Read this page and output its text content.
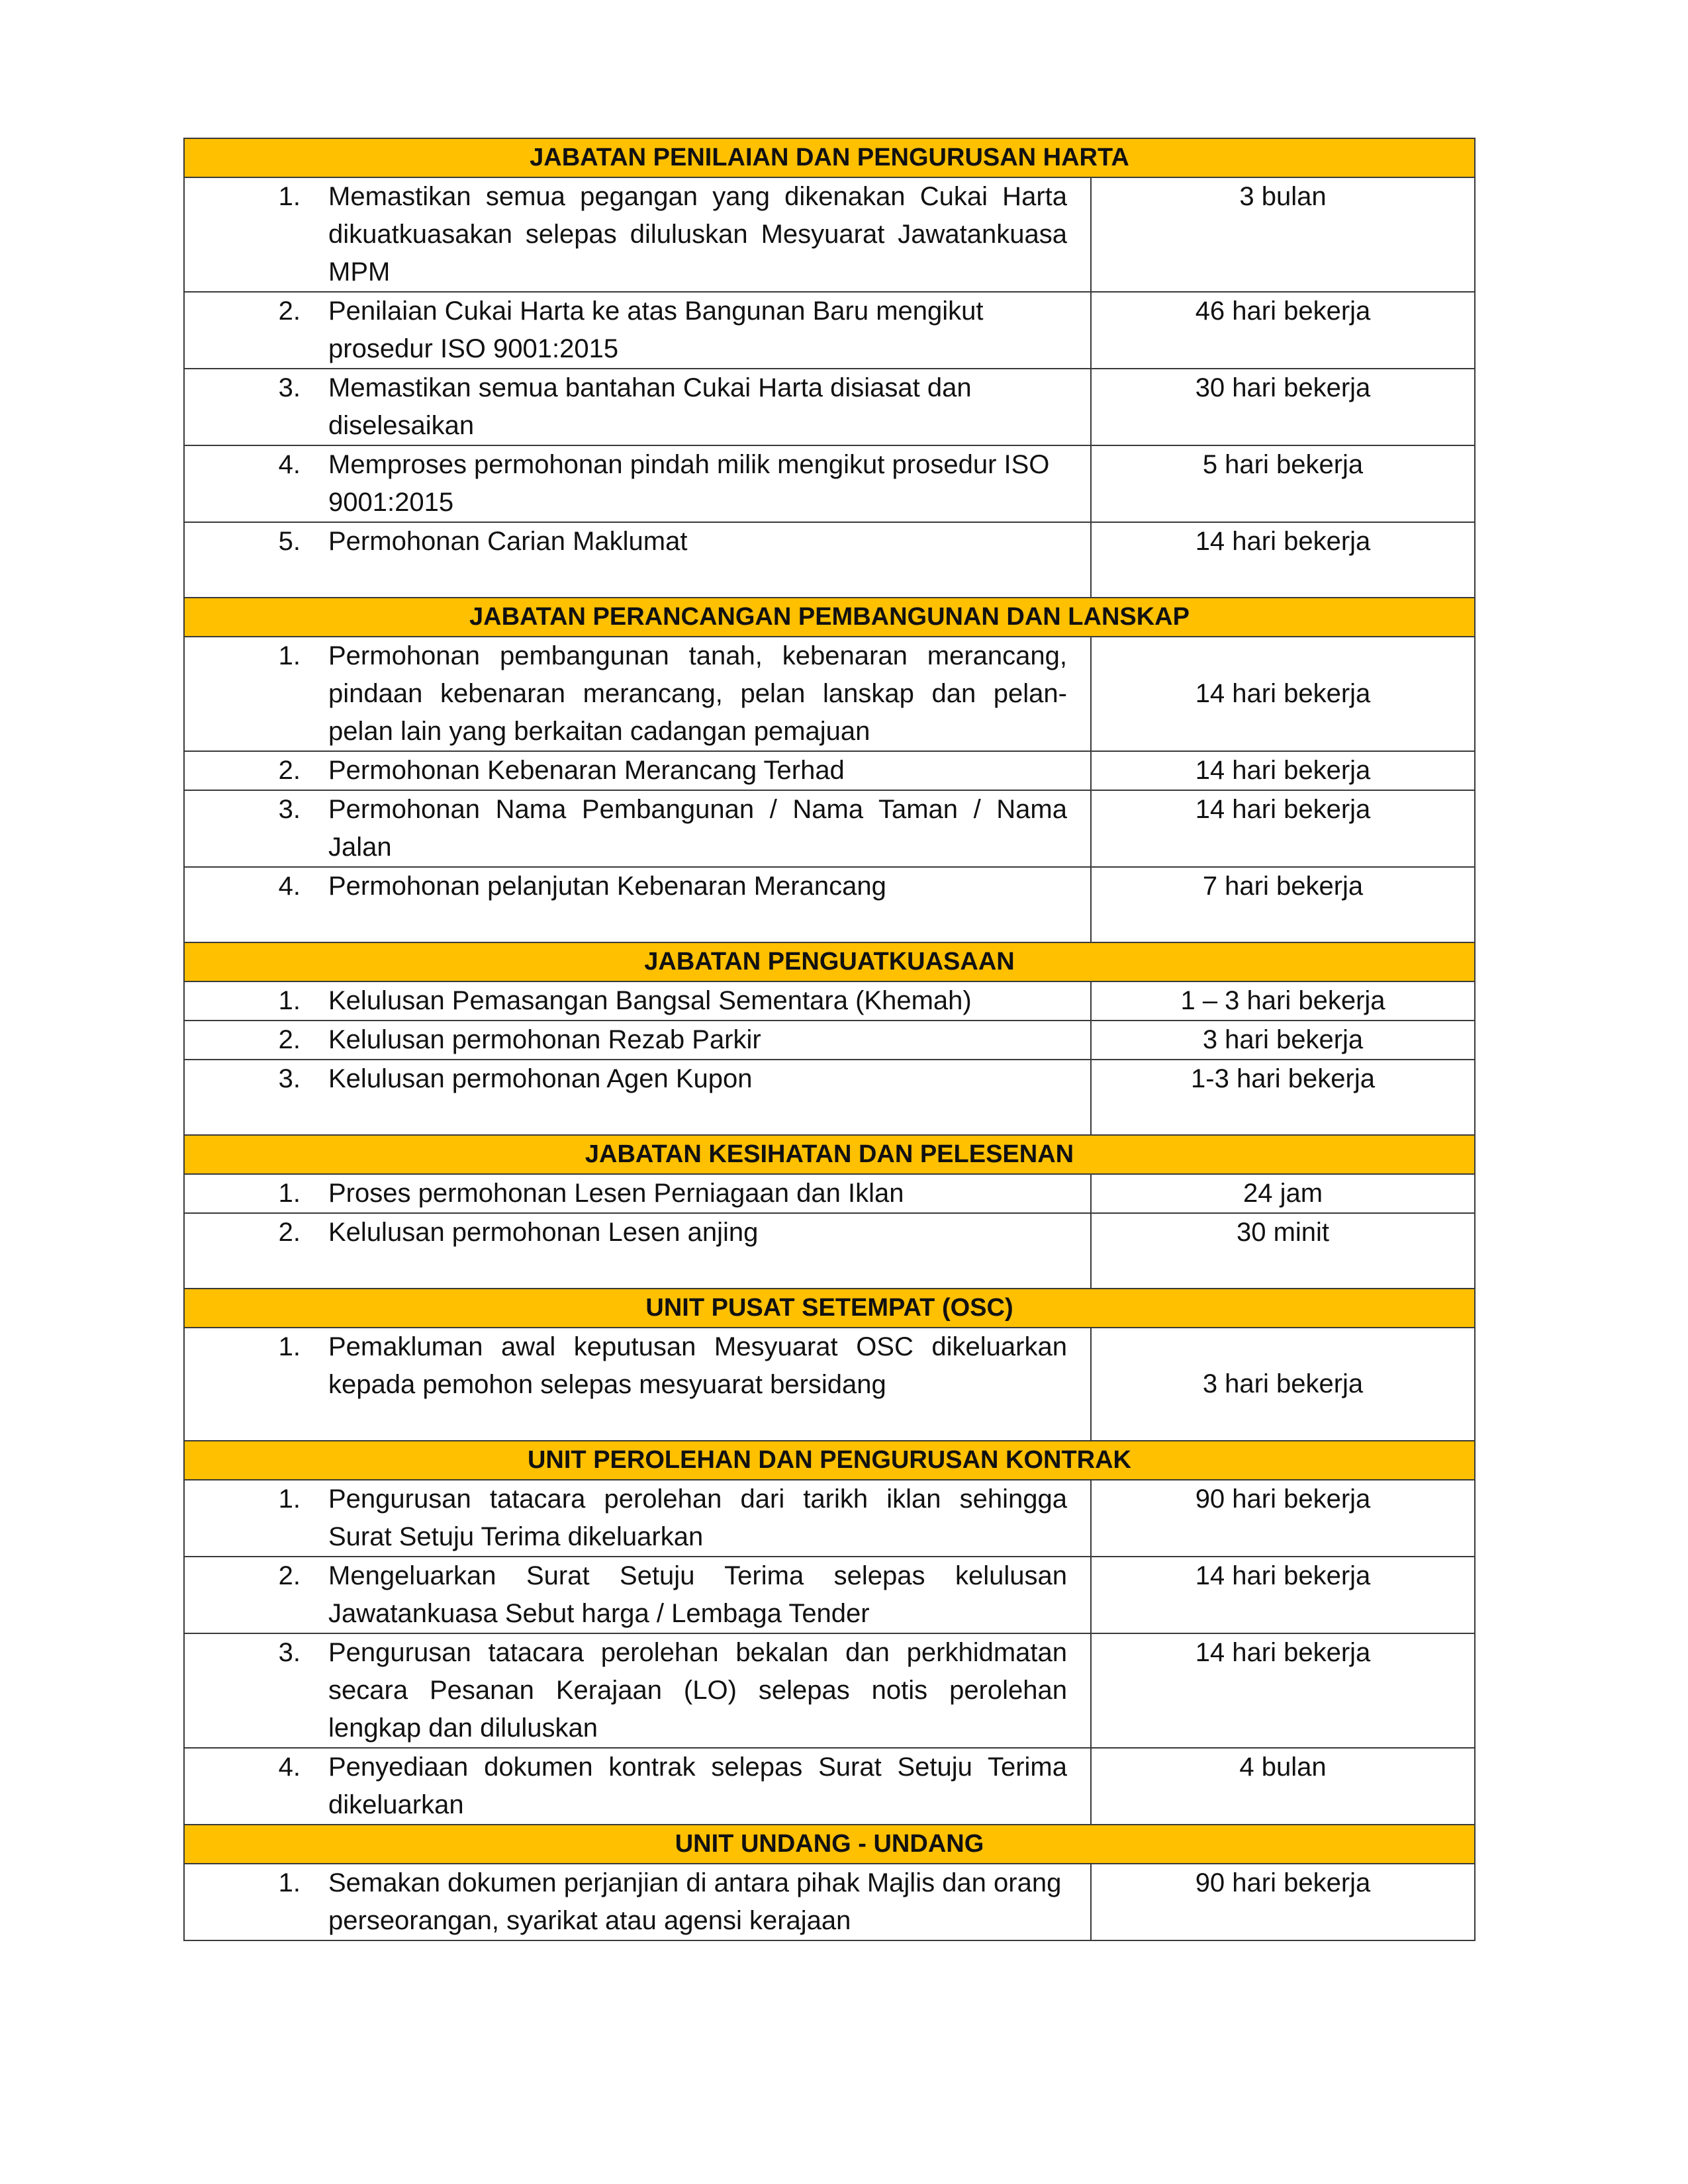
JABATAN PENILAIAN DAN PENGURUSAN HARTA	
1. Memastikan semua pegangan yang dikenakan Cukai Harta dikuatkuasakan selepas diluluskan Mesyuarat Jawatankuasa MPM	3 bulan
2. Penilaian Cukai Harta ke atas Bangunan Baru mengikut prosedur ISO 9001:2015	46 hari bekerja
3. Memastikan semua bantahan Cukai Harta disiasat dan diselesaikan	30 hari bekerja
4. Memproses permohonan pindah milik mengikut prosedur ISO 9001:2015	5 hari bekerja
5. Permohonan Carian Maklumat	14 hari bekerja
JABATAN PERANCANGAN PEMBANGUNAN DAN LANSKAP	
1. Permohonan pembangunan tanah, kebenaran merancang, pindaan kebenaran merancang, pelan lanskap dan pelan-pelan lain yang berkaitan cadangan pemajuan	14 hari bekerja
2. Permohonan Kebenaran Merancang Terhad	14 hari bekerja
3. Permohonan Nama Pembangunan / Nama Taman / Nama Jalan	14 hari bekerja
4. Permohonan pelanjutan Kebenaran Merancang	7 hari bekerja
JABATAN PENGUATKUASAAN	
1. Kelulusan Pemasangan Bangsal Sementara (Khemah)	1 – 3 hari bekerja
2. Kelulusan permohonan Rezab Parkir	3 hari bekerja
3. Kelulusan permohonan Agen Kupon	1-3 hari bekerja
JABATAN KESIHATAN DAN PELESENAN	
1. Proses permohonan Lesen Perniagaan dan Iklan	24 jam
2. Kelulusan permohonan Lesen anjing	30 minit
UNIT PUSAT SETEMPAT (OSC)	
1. Pemakluman awal keputusan Mesyuarat OSC dikeluarkan kepada pemohon selepas mesyuarat bersidang	3 hari bekerja
UNIT PEROLEHAN DAN PENGURUSAN KONTRAK	
1. Pengurusan tatacara perolehan dari tarikh iklan sehingga Surat Setuju Terima dikeluarkan	90 hari bekerja
2. Mengeluarkan Surat Setuju Terima selepas kelulusan Jawatankuasa Sebut harga / Lembaga Tender	14 hari bekerja
3. Pengurusan tatacara perolehan bekalan dan perkhidmatan secara Pesanan Kerajaan (LO) selepas notis perolehan lengkap dan diluluskan	14 hari bekerja
4. Penyediaan dokumen kontrak selepas Surat Setuju Terima dikeluarkan	4 bulan
UNIT UNDANG - UNDANG	
1. Semakan dokumen perjanjian di antara pihak Majlis dan orang perseorangan, syarikat atau agensi kerajaan	90 hari bekerja
